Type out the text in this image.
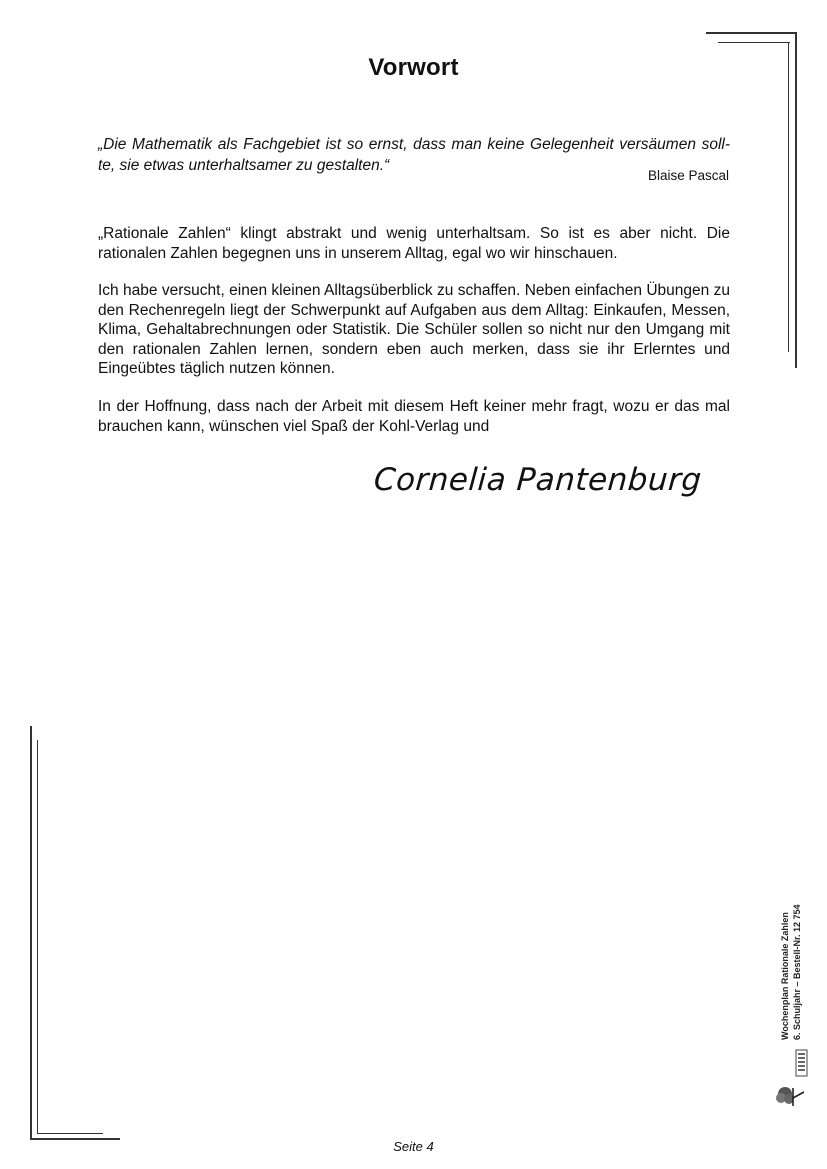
Vorwort
„Die Mathematik als Fachgebiet ist so ernst, dass man keine Gelegenheit versäumen soll-te, sie etwas unterhaltsamer zu gestalten.“
Blaise Pascal
„Rationale Zahlen“ klingt abstrakt und wenig unterhaltsam. So ist es aber nicht. Die rationalen Zahlen begegnen uns in unserem Alltag, egal wo wir hinschauen.
Ich habe versucht, einen kleinen Alltagsüberblick zu schaffen. Neben einfachen Übungen zu den Rechenregeln liegt der Schwerpunkt auf Aufgaben aus dem Alltag: Einkaufen, Messen, Klima, Gehaltabrechnungen oder Statistik. Die Schüler sollen so nicht nur den Umgang mit den rationalen Zahlen lernen, sondern eben auch merken, dass sie ihr Erlerntes und Eingeübtes täglich nutzen können.
In der Hoffnung, dass nach der Arbeit mit diesem Heft keiner mehr fragt, wozu er das mal brauchen kann, wünschen viel Spaß der Kohl-Verlag und
Cornelia Pantenburg
Wochenplan Rationale Zahlen 6. Schuljahr – Bestell-Nr. 12 754
Seite 4
